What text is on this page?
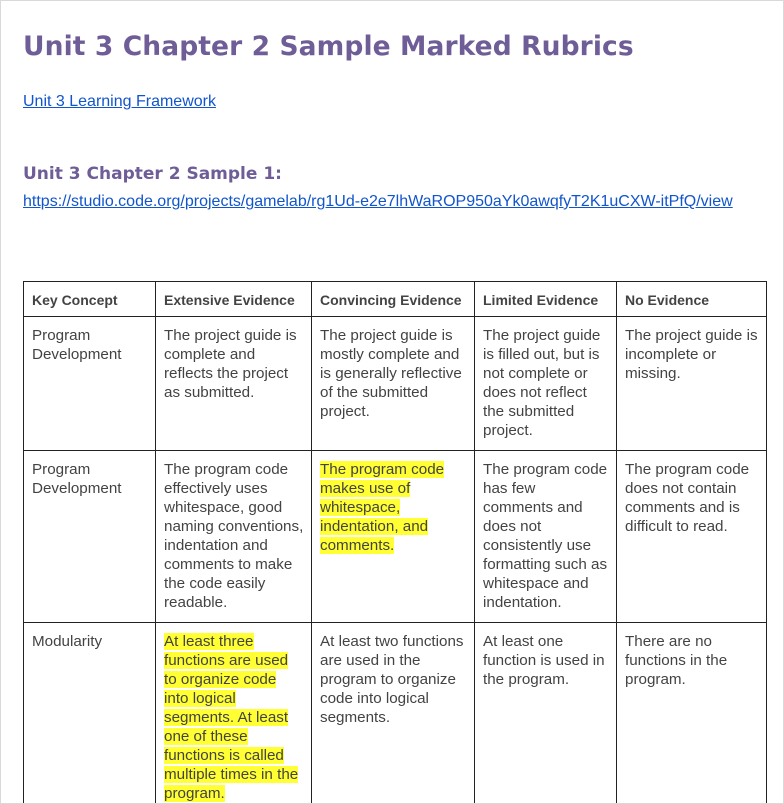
Unit 3 Chapter 2 Sample Marked Rubrics
Unit 3 Learning Framework
Unit 3 Chapter 2 Sample 1:
https://studio.code.org/projects/gamelab/rg1Ud-e2e7lhWaROP950aYk0awqfyT2K1uCXW-itPfQ/view
Key Concept	Extensive Evidence	Convincing Evidence	Limited Evidence	No Evidence
Program Development	The project guide is complete and reflects the project as submitted.	The project guide is mostly complete and is generally reflective of the submitted project.	The project guide is filled out, but is not complete or does not reflect the submitted project.	The project guide is incomplete or missing.
Program Development	The program code effectively uses whitespace, good naming conventions, indentation and comments to make the code easily readable.	The program code makes use of whitespace, indentation, and comments.	The program code has few comments and does not consistently use formatting such as whitespace and indentation.	The program code does not contain comments and is difficult to read.
Modularity	At least three functions are used to organize code into logical segments. At least one of these functions is called multiple times in the program.	At least two functions are used in the program to organize code into logical segments.	At least one function is used in the program.	There are no functions in the program.
